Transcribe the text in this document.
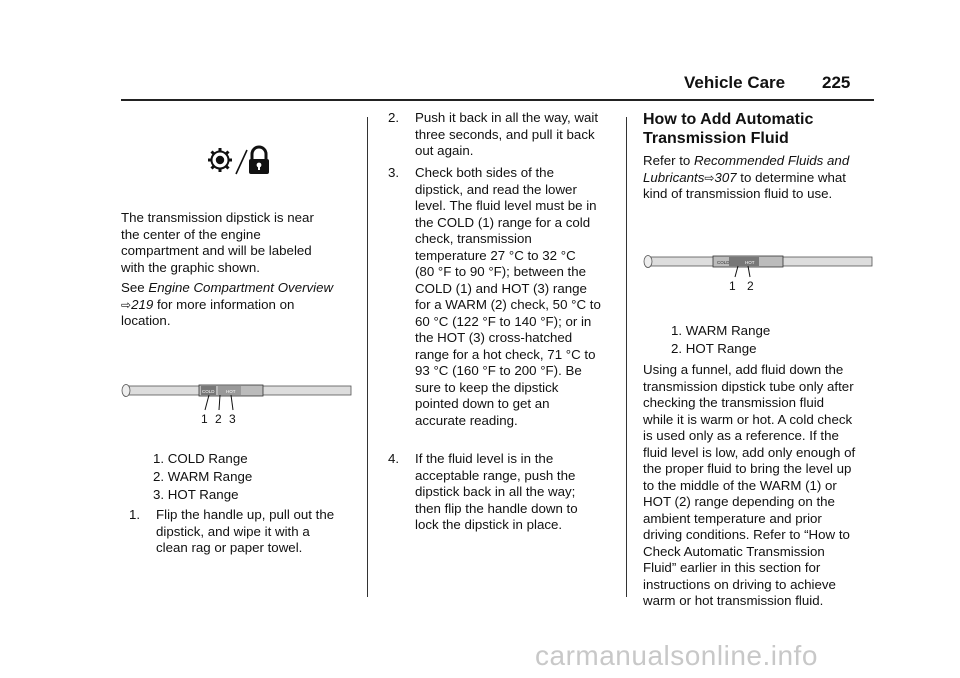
Vehicle Care 225

The transmission dipstick is near

the center of the engine

compartment and will be labeled

with the graphic shown.

See Engine Compartment Overview

⇨219 for more information on

location.

COLD	HOT
1 2 3

1. COLD Range

2. WARM Range

3. HOT Range

1. Flip the handle up, pull out the

dipstick, and wipe it with a

clean rag or paper towel.

2. Push it back in all the way, wait

three seconds, and pull it back

out again.

3. Check both sides of the

dipstick, and read the lower

level. The fluid level must be in

the COLD (1) range for a cold

check, transmission

temperature 27 °C to 32 °C

(80 °F to 90 °F); between the

COLD (1) and HOT (3) range

for a WARM (2) check, 50 °C to

60 °C (122 °F to 140 °F); or in

the HOT (3) cross-hatched

range for a hot check, 71 °C to

93 °C (160 °F to 200 °F). Be

sure to keep the dipstick

pointed down to get an

accurate reading.

4. If the fluid level is in the

acceptable range, push the

dipstick back in all the way;

then flip the handle down to

lock the dipstick in place.

How to Add Automatic

Transmission Fluid

Refer to Recommended Fluids and

Lubricants⇨307 to determine what

kind of transmission fluid to use.

COLD	HOT
1 2

1. WARM Range

2. HOT Range

Using a funnel, add fluid down the

transmission dipstick tube only after

checking the transmission fluid

while it is warm or hot. A cold check

is used only as a reference. If the

fluid level is low, add only enough of

the proper fluid to bring the level up

to the middle of the WARM (1) or

HOT (2) range depending on the

ambient temperature and prior

driving conditions. Refer to “How to

Check Automatic Transmission

Fluid” earlier in this section for

instructions on driving to achieve

warm or hot transmission fluid.

carmanualsonline.info
